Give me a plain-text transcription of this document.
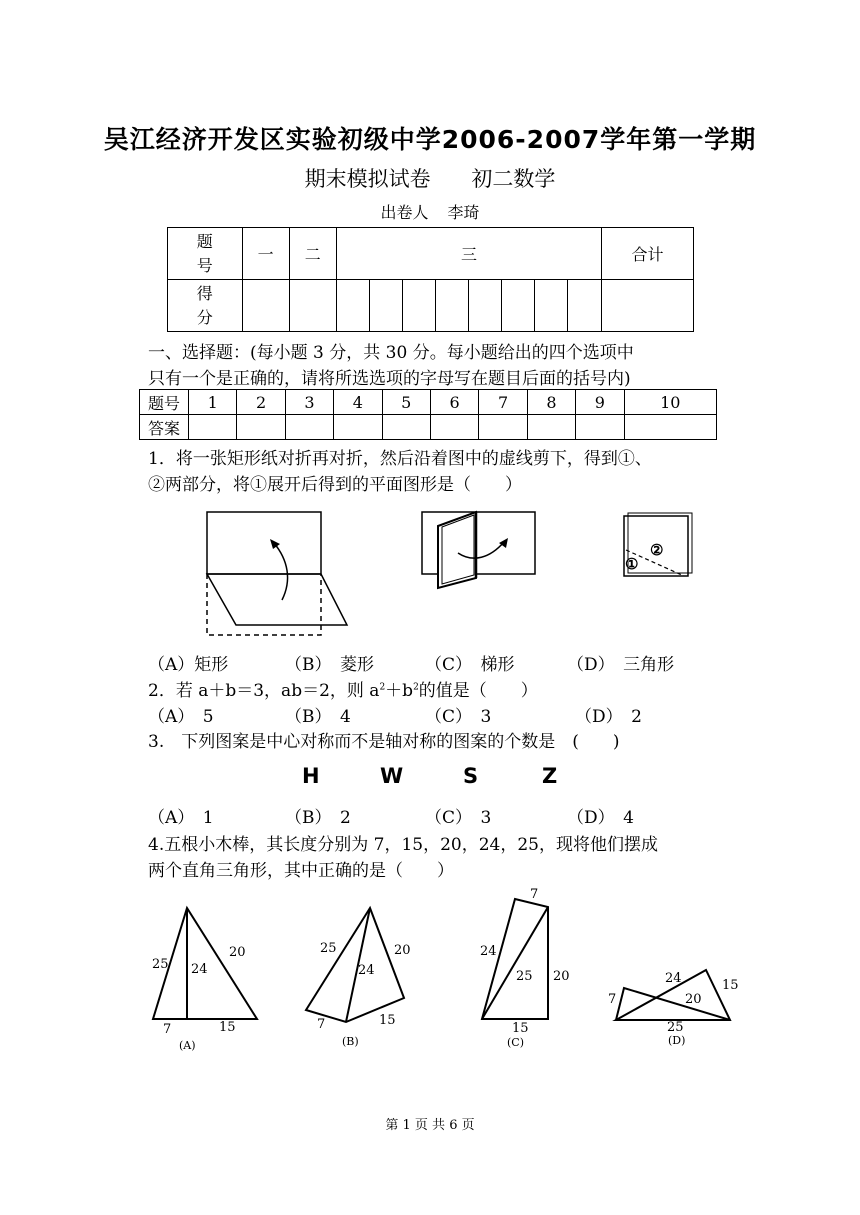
吴江经济开发区实验初级中学2006-2007学年第一学期
期末模拟试卷 初二数学
出卷人 李琦
题号	一	二	三								合计

得分											

一、选择题：(每小题 3 分，共 30 分。每小题给出的四个选项中
只有一个是正确的，请将所选选项的字母写在题目后面的括号内)
题号	1	2	3	4	5	6	7	8	9	10
答案										
1．将一张矩形纸对折再对折，然后沿着图中的虚线剪下，得到①、
②两部分，将①展开后得到的平面图形是（　　）
②
①
（A）矩形	（B）　菱形	（C）　梯形	（D）　三角形
2．若 a＋b＝3，ab＝2，则 $a^2+b^2$的值是（　　）
（A）　5	（B）　4	（C）　3	（D）　2
3.　下列图案是中心对称而不是轴对称的图案的个数是　(　　)
H	W	S	Z
（A）　1	（B）　2	（C）　3	（D）　4
4.五根小木棒，其长度分别为 7，15，20，24，25，现将他们摆成
两个直角三角形，其中正确的是（　　）
25 24
20
7	15
(A)
25
24
20
7	15
(B)
7
24
25 20
15
(C)
24	15
7	20
25
(D)
第 1 页 共 6 页
